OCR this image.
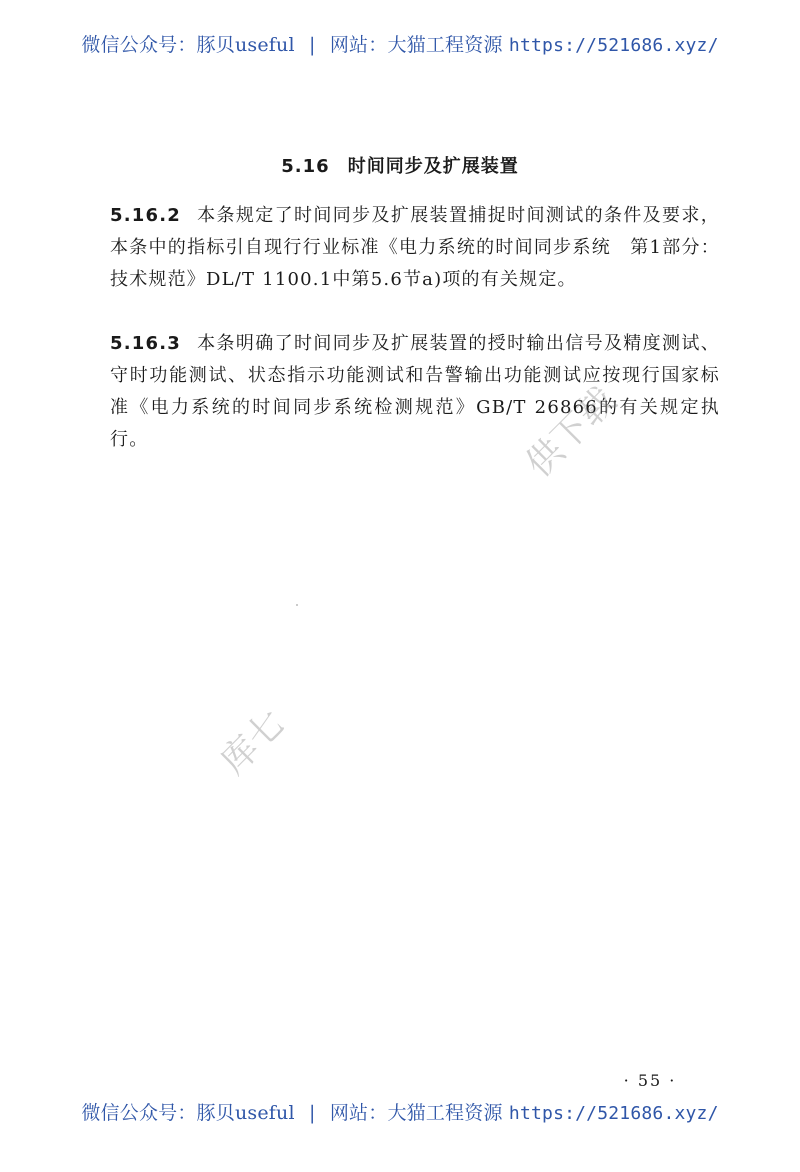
微信公众号：豚贝useful | 网站：大猫工程资源 https://521686.xyz/
5.16 时间同步及扩展装置
5.16.2 本条规定了时间同步及扩展装置捕捉时间测试的条件及要求，本条中的指标引自现行行业标准《电力系统的时间同步系统　第1部分：技术规范》DL/T 1100.1中第5.6节a)项的有关规定。
5.16.3 本条明确了时间同步及扩展装置的授时输出信号及精度测试、守时功能测试、状态指示功能测试和告警输出功能测试应按现行国家标准《电力系统的时间同步系统检测规范》GB/T 26866的有关规定执行。	供下载
库七
· 55 ·
微信公众号：豚贝useful | 网站：大猫工程资源 https://521686.xyz/
